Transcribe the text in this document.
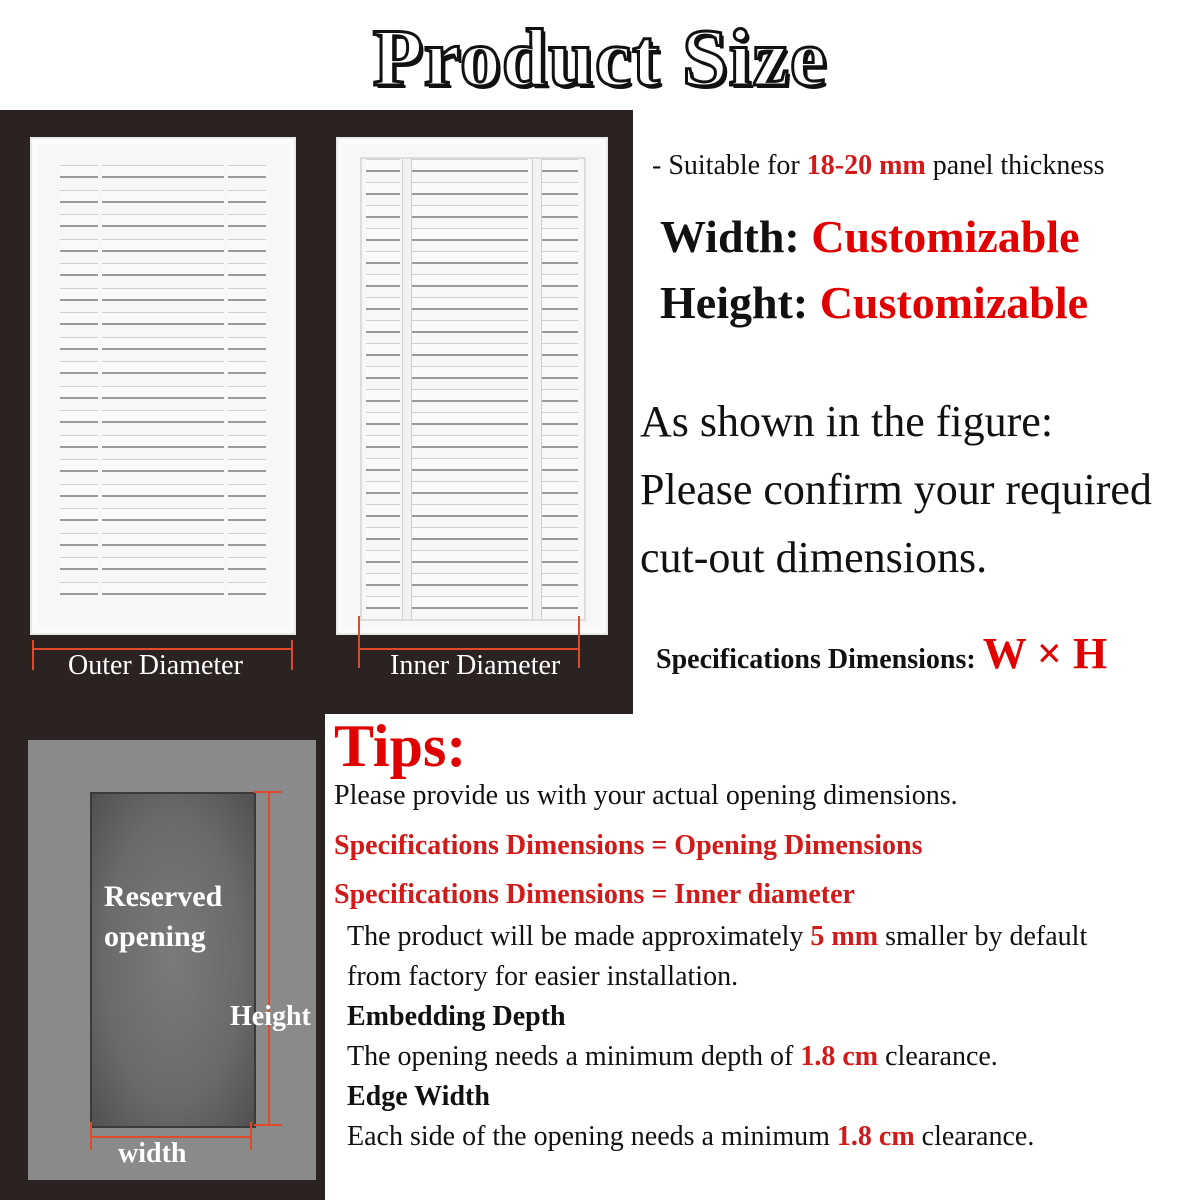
Product Size
Outer Diameter	Inner Diameter
- Suitable for 18-20 mm panel thickness
Width: Customizable
Height: Customizable
As shown in the figure:
Please confirm your required
cut-out dimensions.
Specifications Dimensions: W × H
Tips:
Please provide us with your actual opening dimensions.
Specifications Dimensions = Opening Dimensions
Specifications Dimensions = Inner diameter
The product will be made approximately 5 mm smaller by default
from factory for easier installation.
Embedding Depth
The opening needs a minimum depth of 1.8 cm clearance.
Edge Width
Each side of the opening needs a minimum 1.8 cm clearance.
Reserved
opening
Height
width
